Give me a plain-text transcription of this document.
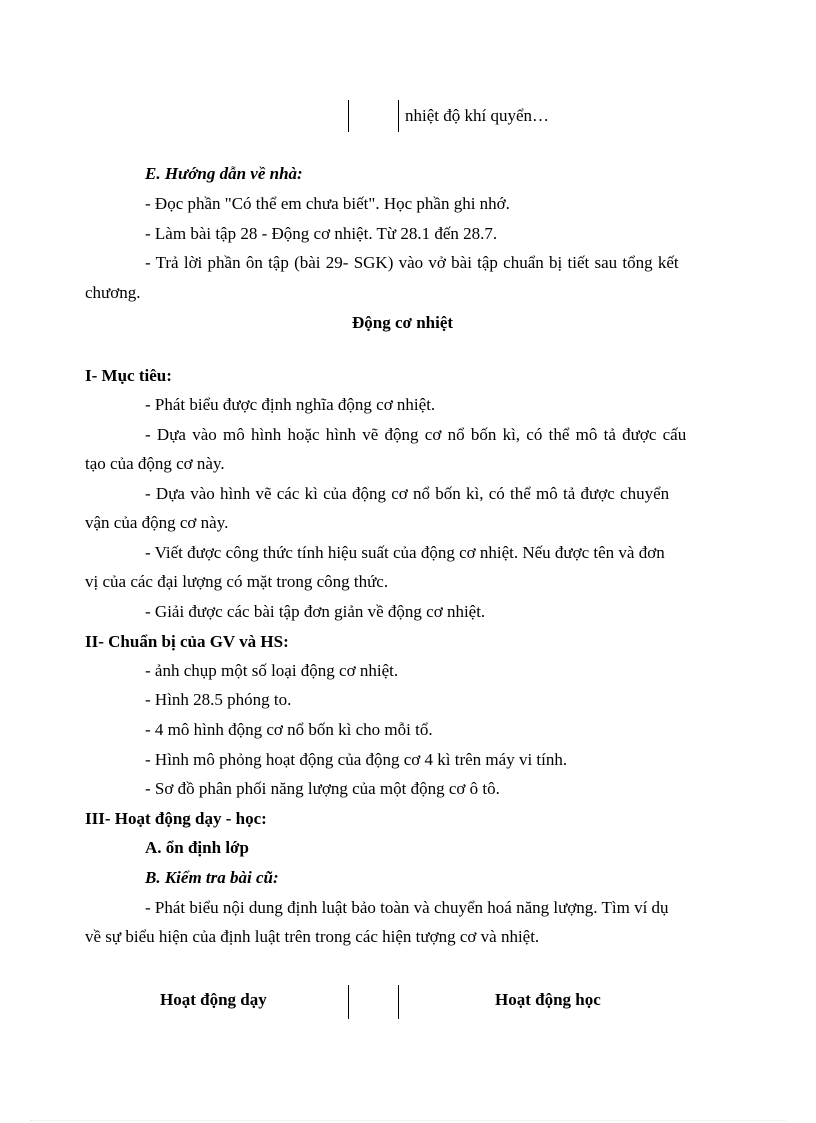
nhiệt độ khí quyển…
E. Hướng dẫn về nhà:
- Đọc phần "Có thể em chưa biết". Học phần ghi nhớ.
- Làm bài tập 28 - Động cơ nhiệt. Từ 28.1 đến 28.7.
- Trả lời phần ôn tập (bài 29- SGK) vào vở bài tập chuẩn bị tiết sau tổng kết
chương.
Động cơ nhiệt
I- Mục tiêu:
- Phát biểu được định nghĩa động cơ nhiệt.
- Dựa vào mô hình hoặc hình vẽ động cơ nổ bốn kì, có thể mô tả được cấu
tạo của động cơ này.
- Dựa vào hình vẽ các kì của động cơ nổ bốn kì, có thể mô tả được chuyển
vận của động cơ này.
- Viết được công thức tính hiệu suất của động cơ nhiệt. Nếu được tên và đơn
vị của các đại lượng có mặt trong công thức.
- Giải được các bài tập đơn giản về động cơ nhiệt.
II- Chuẩn bị của GV và HS:
- ảnh chụp một số loại động cơ nhiệt.
- Hình 28.5 phóng to.
- 4 mô hình động cơ nổ bốn kì cho mỗi tổ.
- Hình mô phỏng hoạt động của động cơ 4 kì trên máy vi tính.
- Sơ đồ phân phối năng lượng của một động cơ ô tô.
III- Hoạt động dạy - học:
A. ổn định lớp
B. Kiểm tra bài cũ:
- Phát biểu nội dung định luật bảo toàn và chuyển hoá năng lượng. Tìm ví dụ
về sự biểu hiện của định luật trên trong các hiện tượng cơ và nhiệt.
Hoạt động dạy	Hoạt động học
